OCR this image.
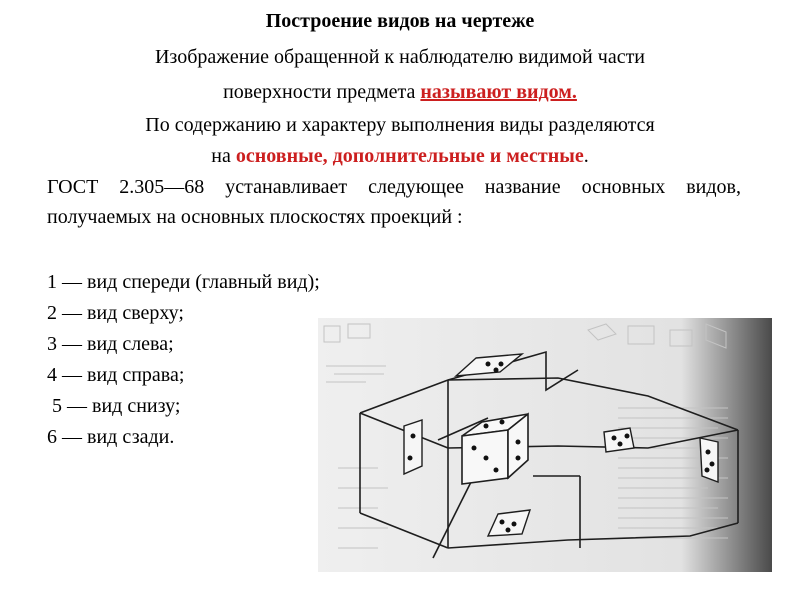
Построение видов на чертеже
Изображение обращенной к наблюдателю видимой части
поверхности предмета называют видом.
По содержанию и характеру выполнения виды разделяются
на основные, дополнительные и местные.
ГОСТ 2.305—68 устанавливает следующее название основных видов, получаемых на основных плоскостях проекций :
1 — вид спереди (главный вид);
2 — вид сверху;
3 — вид слева;
4 — вид справа;
5 — вид снизу;
6 — вид сзади.
